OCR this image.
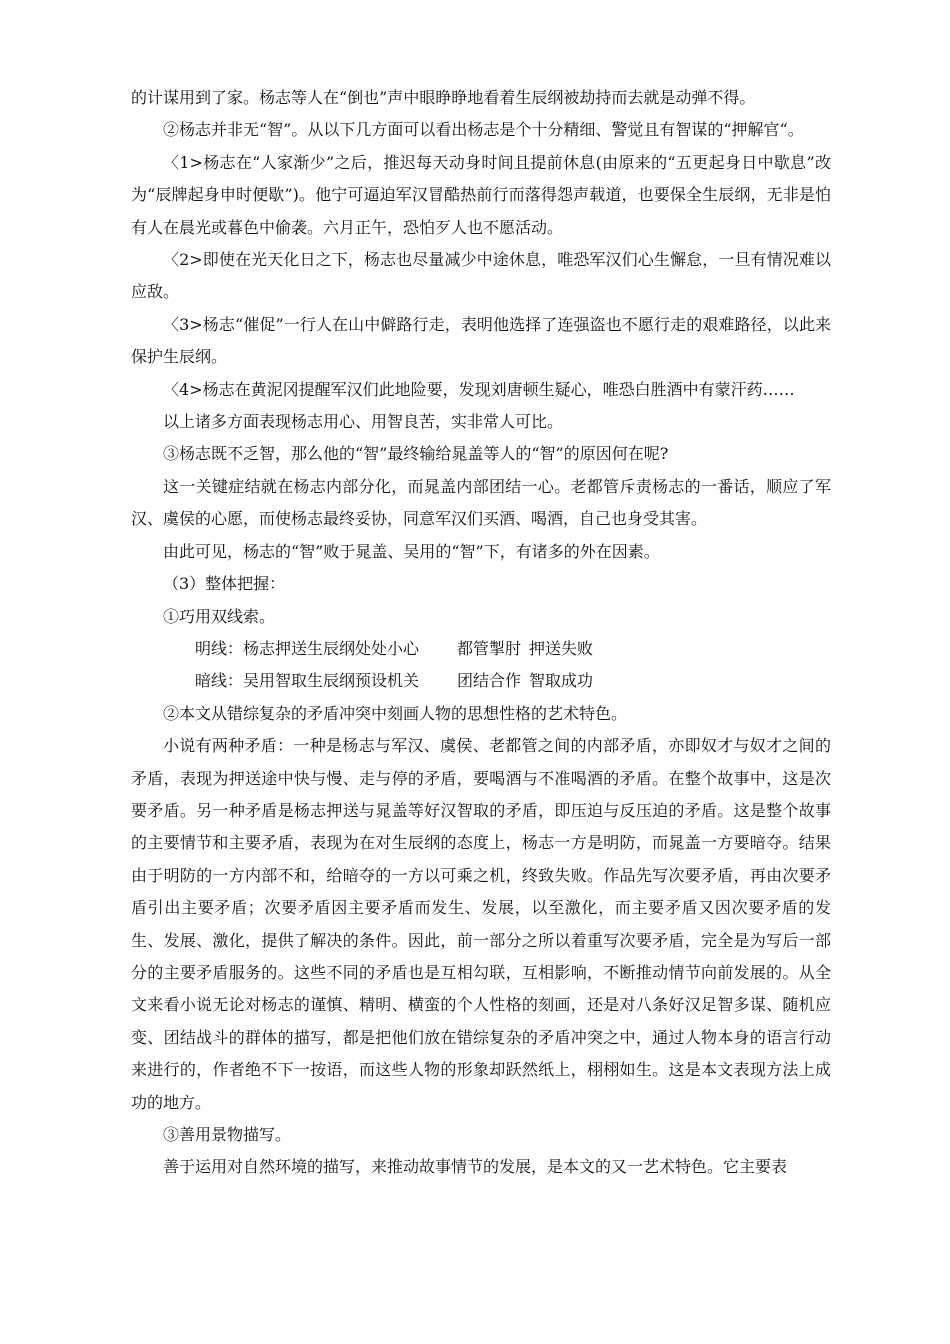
的计谋用到了家。杨志等人在“倒也”声中眼睁睁地看着生辰纲被劫持而去就是动弹不得。

②杨志并非无“智”。从以下几方面可以看出杨志是个十分精细、警觉且有智谋的“押解官“。

〈1>杨志在“人家渐少”之后，推迟每天动身时间且提前休息(由原来的“五更起身日中歇息”改为“辰牌起身申时便歇”)。他宁可逼迫军汉冒酷热前行而落得怨声载道，也要保全生辰纲，无非是怕有人在晨光或暮色中偷袭。六月正午，恐怕歹人也不愿活动。

〈2>即使在光天化日之下，杨志也尽量减少中途休息，唯恐军汉们心生懈怠，一旦有情况难以应敌。

〈3>杨志“催促”一行人在山中僻路行走，表明他选择了连强盗也不愿行走的艰难路径，以此来保护生辰纲。

〈4>杨志在黄泥冈提醒军汉们此地险要，发现刘唐顿生疑心，唯恐白胜酒中有蒙汗药……

以上诸多方面表现杨志用心、用智良苦，实非常人可比。

③杨志既不乏智，那么他的“智”最终输给晁盖等人的“智”的原因何在呢?

这一关键症结就在杨志内部分化，而晁盖内部团结一心。老都管斥责杨志的一番话，顺应了军汉、虞侯的心愿，而使杨志最终妥协，同意军汉们买酒、喝酒，自己也身受其害。

由此可见，杨志的“智”败于晁盖、吴用的“智”下，有诸多的外在因素。

（3）整体把握：

①巧用双线索。

明线：杨志押送生辰纲处处小心 都管掣肘 押送失败

暗线：吴用智取生辰纲预设机关 团结合作 智取成功

②本文从错综复杂的矛盾冲突中刻画人物的思想性格的艺术特色。

小说有两种矛盾：一种是杨志与军汉、虞侯、老都管之间的内部矛盾，亦即奴才与奴才之间的矛盾，表现为押送途中快与慢、走与停的矛盾，要喝酒与不准喝酒的矛盾。在整个故事中，这是次要矛盾。另一种矛盾是杨志押送与晁盖等好汉智取的矛盾，即压迫与反压迫的矛盾。这是整个故事的主要情节和主要矛盾，表现为在对生辰纲的态度上，杨志一方是明防，而晁盖一方要暗夺。结果由于明防的一方内部不和，给暗夺的一方以可乘之机，终致失败。作品先写次要矛盾，再由次要矛盾引出主要矛盾；次要矛盾因主要矛盾而发生、发展，以至激化，而主要矛盾又因次要矛盾的发生、发展、激化，提供了解决的条件。因此，前一部分之所以着重写次要矛盾，完全是为写后一部分的主要矛盾服务的。这些不同的矛盾也是互相勾联，互相影响，不断推动情节向前发展的。从全文来看小说无论对杨志的谨慎、精明、横蛮的个人性格的刻画，还是对八条好汉足智多谋、随机应变、团结战斗的群体的描写，都是把他们放在错综复杂的矛盾冲突之中，通过人物本身的语言行动来进行的，作者绝不下一按语，而这些人物的形象却跃然纸上，栩栩如生。这是本文表现方法上成功的地方。

③善用景物描写。

善于运用对自然环境的描写，来推动故事情节的发展，是本文的又一艺术特色。它主要表
